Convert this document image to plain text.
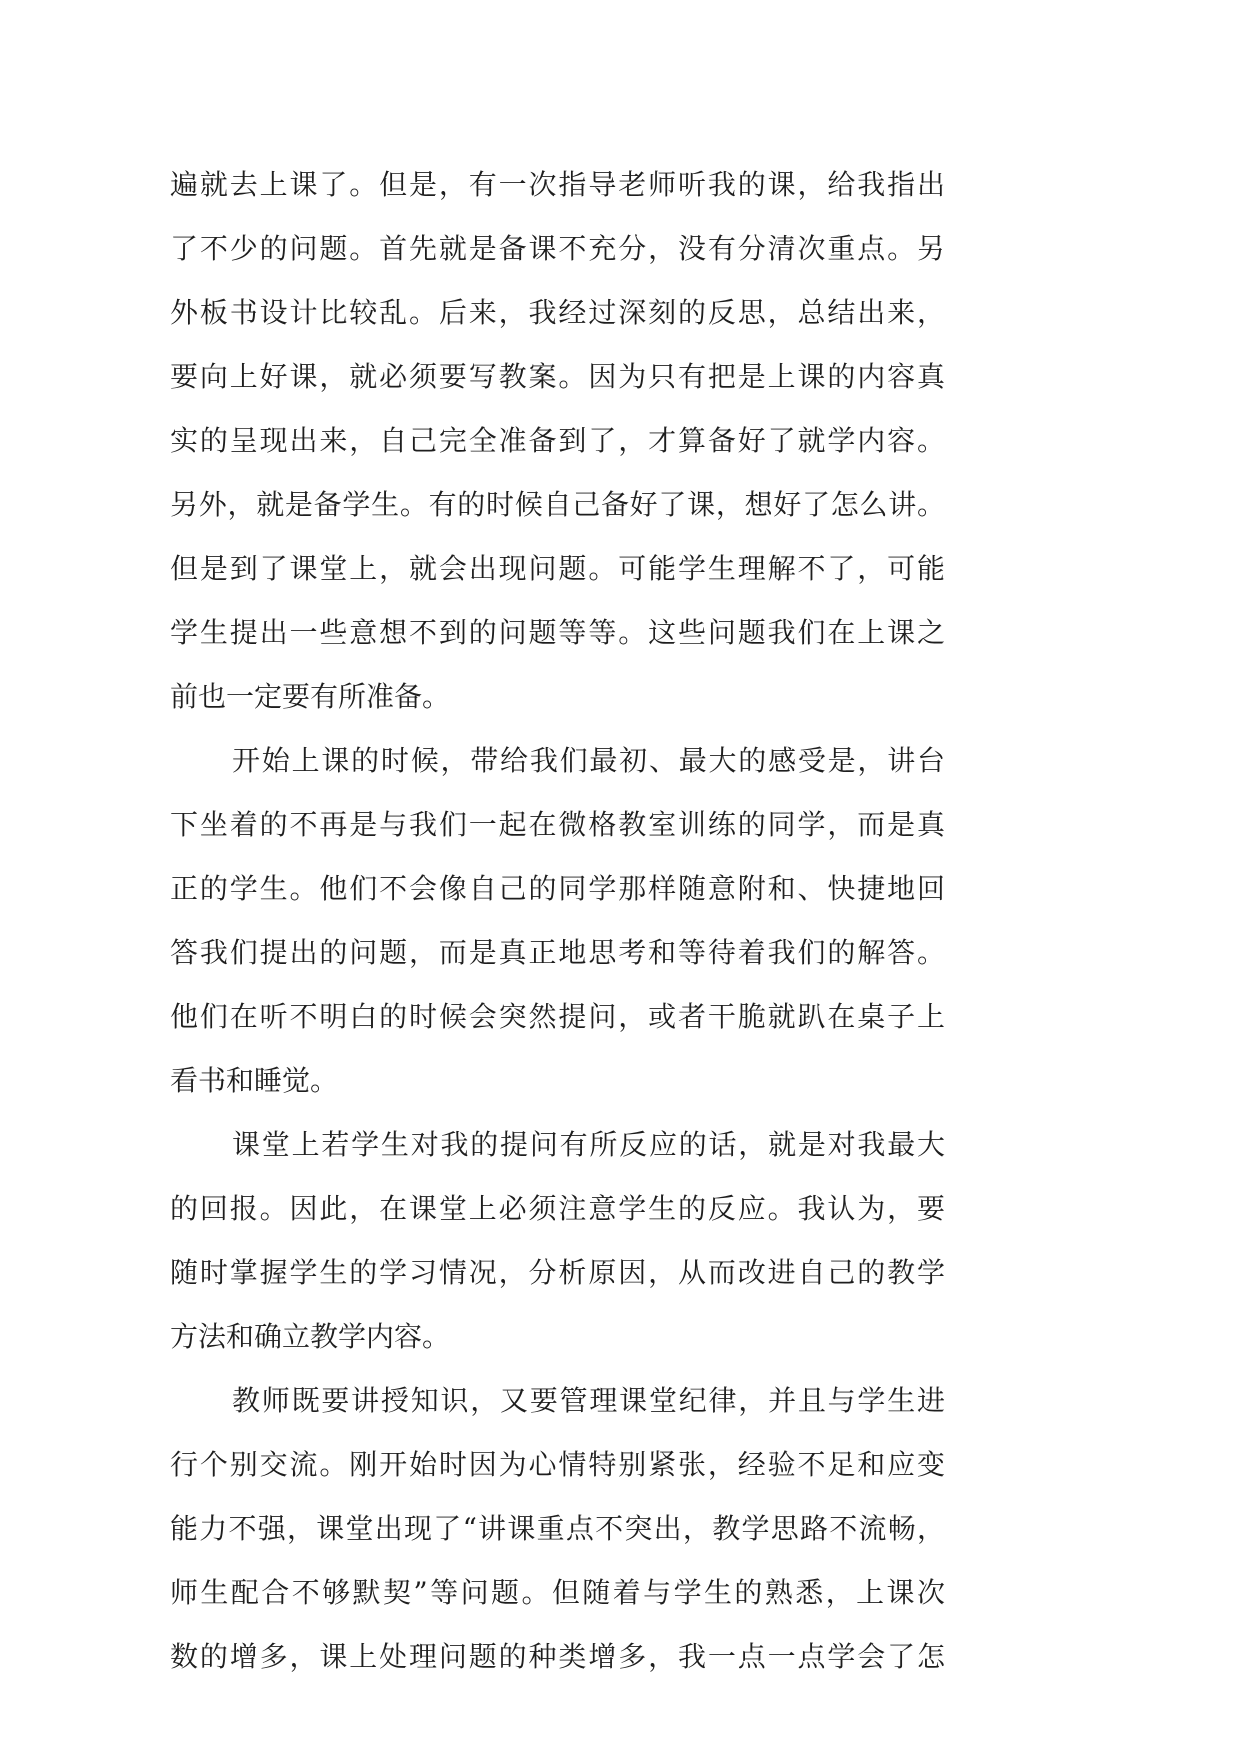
遍就去上课了。但是，有一次指导老师听我的课，给我指出
了不少的问题。首先就是备课不充分，没有分清次重点。另
外板书设计比较乱。后来，我经过深刻的反思，总结出来，
要向上好课，就必须要写教案。因为只有把是上课的内容真
实的呈现出来，自己完全准备到了，才算备好了就学内容。
另外，就是备学生。有的时候自己备好了课，想好了怎么讲。
但是到了课堂上，就会出现问题。可能学生理解不了，可能
学生提出一些意想不到的问题等等。这些问题我们在上课之
前也一定要有所准备。
开始上课的时候，带给我们最初、最大的感受是，讲台
下坐着的不再是与我们一起在微格教室训练的同学，而是真
正的学生。他们不会像自己的同学那样随意附和、快捷地回
答我们提出的问题，而是真正地思考和等待着我们的解答。
他们在听不明白的时候会突然提问，或者干脆就趴在桌子上
看书和睡觉。
课堂上若学生对我的提问有所反应的话，就是对我最大
的回报。因此，在课堂上必须注意学生的反应。我认为，要
随时掌握学生的学习情况，分析原因，从而改进自己的教学
方法和确立教学内容。
教师既要讲授知识，又要管理课堂纪律，并且与学生进
行个别交流。刚开始时因为心情特别紧张，经验不足和应变
能力不强，课堂出现了“讲课重点不突出，教学思路不流畅，
师生配合不够默契”等问题。但随着与学生的熟悉，上课次
数的增多，课上处理问题的种类增多，我一点一点学会了怎
